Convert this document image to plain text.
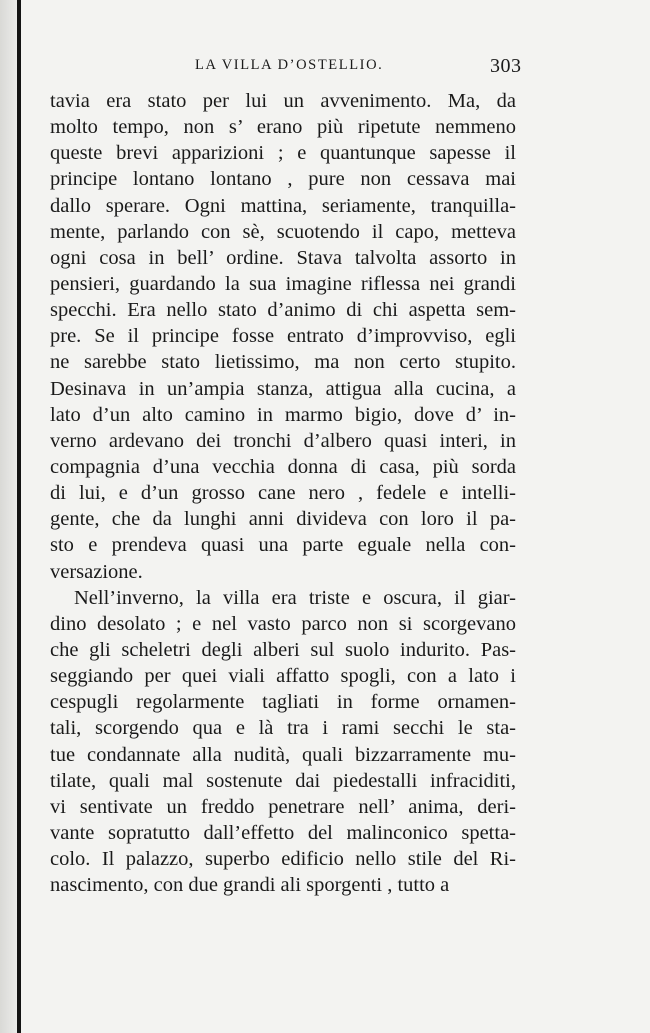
LA VILLA D’OSTELLIO.	303
tavia era stato per lui un avvenimento. Ma, da
molto tempo, non s’ erano più ripetute nemmeno
queste brevi apparizioni ; e quantunque sapesse il
principe lontano lontano , pure non cessava mai
dallo sperare. Ogni mattina, seriamente, tranquilla-
mente, parlando con sè, scuotendo il capo, metteva
ogni cosa in bell’ ordine. Stava talvolta assorto in
pensieri, guardando la sua imagine riflessa nei grandi
specchi. Era nello stato d’animo di chi aspetta sem-
pre. Se il principe fosse entrato d’improvviso, egli
ne sarebbe stato lietissimo, ma non certo stupito.
Desinava in un’ampia stanza, attigua alla cucina, a
lato d’un alto camino in marmo bigio, dove d’ in-
verno ardevano dei tronchi d’albero quasi interi, in
compagnia d’una vecchia donna di casa, più sorda
di lui, e d’un grosso cane nero , fedele e intelli-
gente, che da lunghi anni divideva con loro il pa-
sto e prendeva quasi una parte eguale nella con-
versazione.
Nell’inverno, la villa era triste e oscura, il giar-
dino desolato ; e nel vasto parco non si scorgevano
che gli scheletri degli alberi sul suolo indurito. Pas-
seggiando per quei viali affatto spogli, con a lato i
cespugli regolarmente tagliati in forme ornamen-
tali, scorgendo qua e là tra i rami secchi le sta-
tue condannate alla nudità, quali bizzarramente mu-
tilate, quali mal sostenute dai piedestalli infraciditi,
vi sentivate un freddo penetrare nell’ anima, deri-
vante sopratutto dall’effetto del malinconico spetta-
colo. Il palazzo, superbo edificio nello stile del Ri-
nascimento, con due grandi ali sporgenti , tutto a
